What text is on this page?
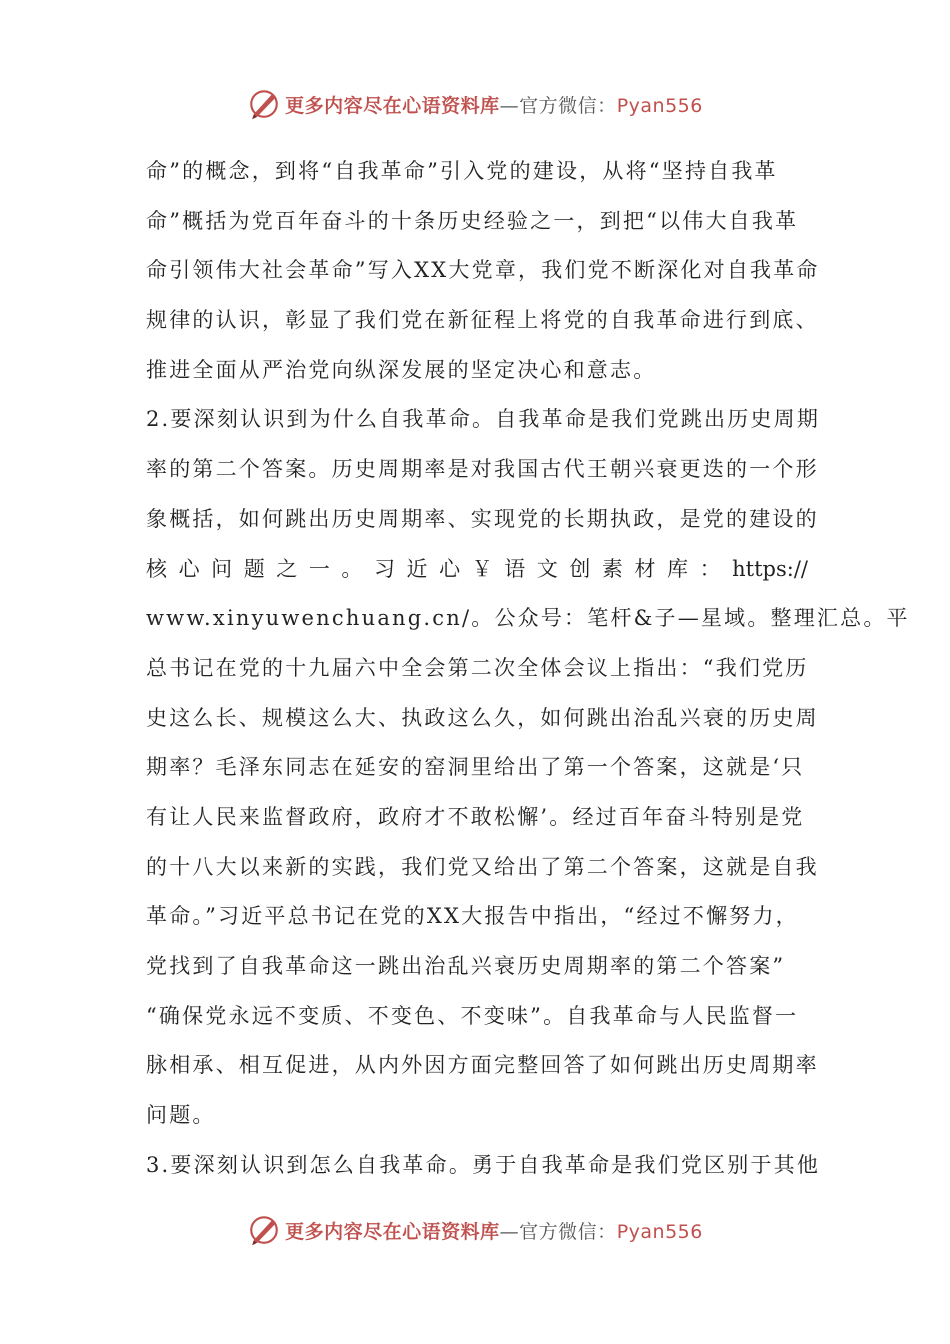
更多内容尽在心语资料库—官方微信：Pyan556
命”的概念，到将“自我革命”引入党的建设，从将“坚持自我革
命”概括为党百年奋斗的十条历史经验之一，到把“以伟大自我革
命引领伟大社会革命”写入XX大党章，我们党不断深化对自我革命
规律的认识，彰显了我们党在新征程上将党的自我革命进行到底、
推进全面从严治党向纵深发展的坚定决心和意志。
2.要深刻认识到为什么自我革命。自我革命是我们党跳出历史周期
率的第二个答案。历史周期率是对我国古代王朝兴衰更迭的一个形
象概括，如何跳出历史周期率、实现党的长期执政，是党的建设的
核心问题之一。习近心￥语文创素材库：https://
www.xinyuwenchuang.cn/。公众号：笔杆&子—星域。整理汇总。平
总书记在党的十九届六中全会第二次全体会议上指出：“我们党历
史这么长、规模这么大、执政这么久，如何跳出治乱兴衰的历史周
期率？毛泽东同志在延安的窑洞里给出了第一个答案，这就是‘只
有让人民来监督政府，政府才不敢松懈’。经过百年奋斗特别是党
的十八大以来新的实践，我们党又给出了第二个答案，这就是自我
革命。”习近平总书记在党的XX大报告中指出，“经过不懈努力，
党找到了自我革命这一跳出治乱兴衰历史周期率的第二个答案”
“确保党永远不变质、不变色、不变味”。自我革命与人民监督一
脉相承、相互促进，从内外因方面完整回答了如何跳出历史周期率
问题。
3.要深刻认识到怎么自我革命。勇于自我革命是我们党区别于其他
更多内容尽在心语资料库—官方微信：Pyan556
